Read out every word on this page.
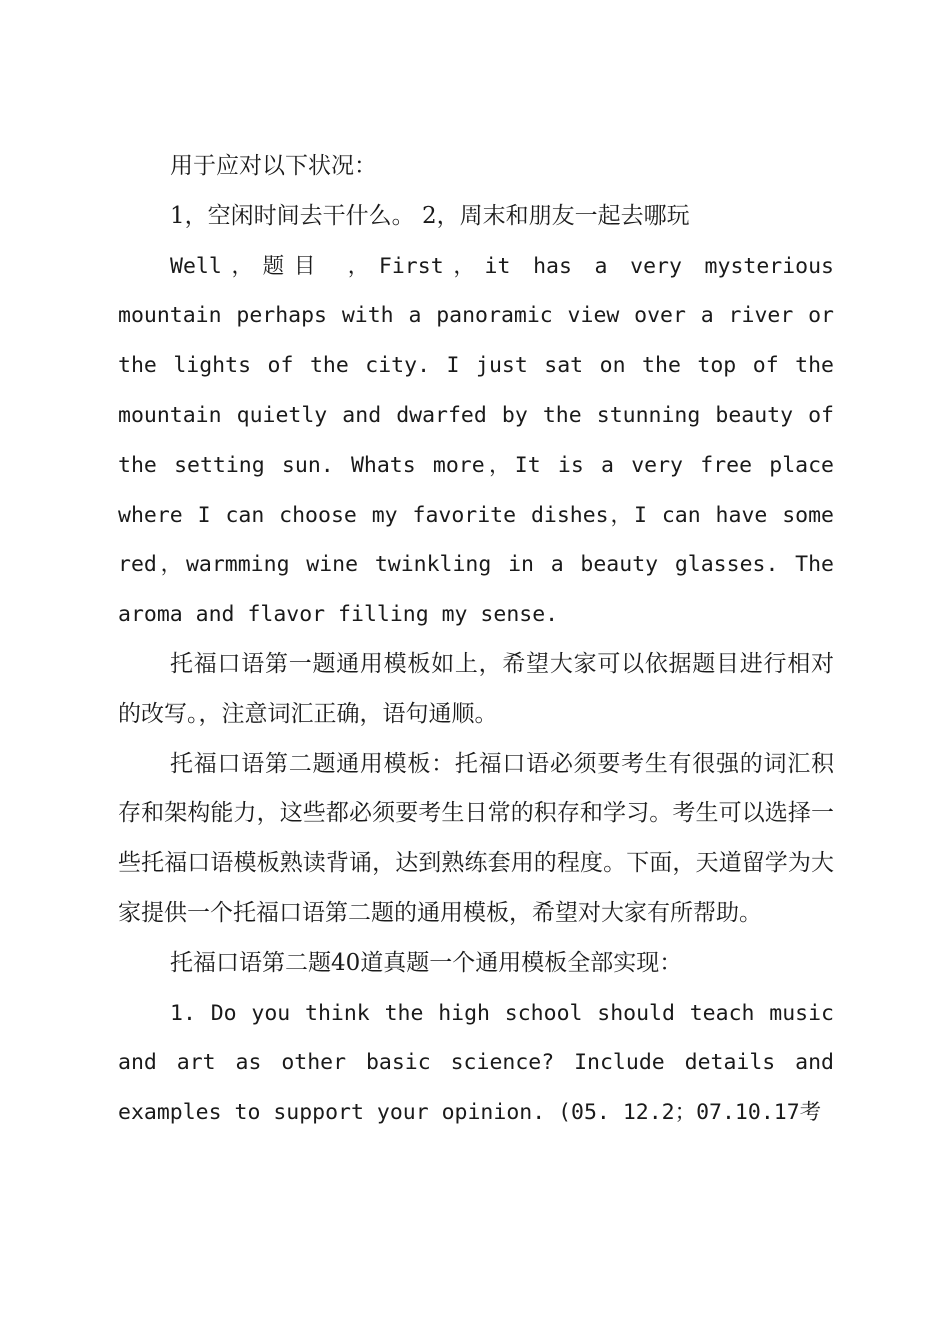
用于应对以下状况：

1，空闲时间去干什么。 2，周末和朋友一起去哪玩

Well，题目 ，First，it has a very mysterious mountain perhaps with a panoramic view over a river or the lights of the city. I just sat on the top of the mountain quietly and dwarfed by the stunning beauty of the setting sun. Whats more，It is a very free place where I can choose my favorite dishes，I can have some red，warmming wine twinkling in a beauty glasses. The aroma and flavor filling my sense.

托福口语第一题通用模板如上，希望大家可以依据题目进行相对的改写。，注意词汇正确，语句通顺。

托福口语第二题通用模板：托福口语必须要考生有很强的词汇积存和架构能力，这些都必须要考生日常的积存和学习。考生可以选择一些托福口语模板熟读背诵，达到熟练套用的程度。下面，天道留学为大家提供一个托福口语第二题的通用模板，希望对大家有所帮助。

托福口语第二题40道真题一个通用模板全部实现：

1. Do you think the high school should teach music and art as other basic science? Include details and examples to support your opinion. (05. 12.2；07.10.17考
